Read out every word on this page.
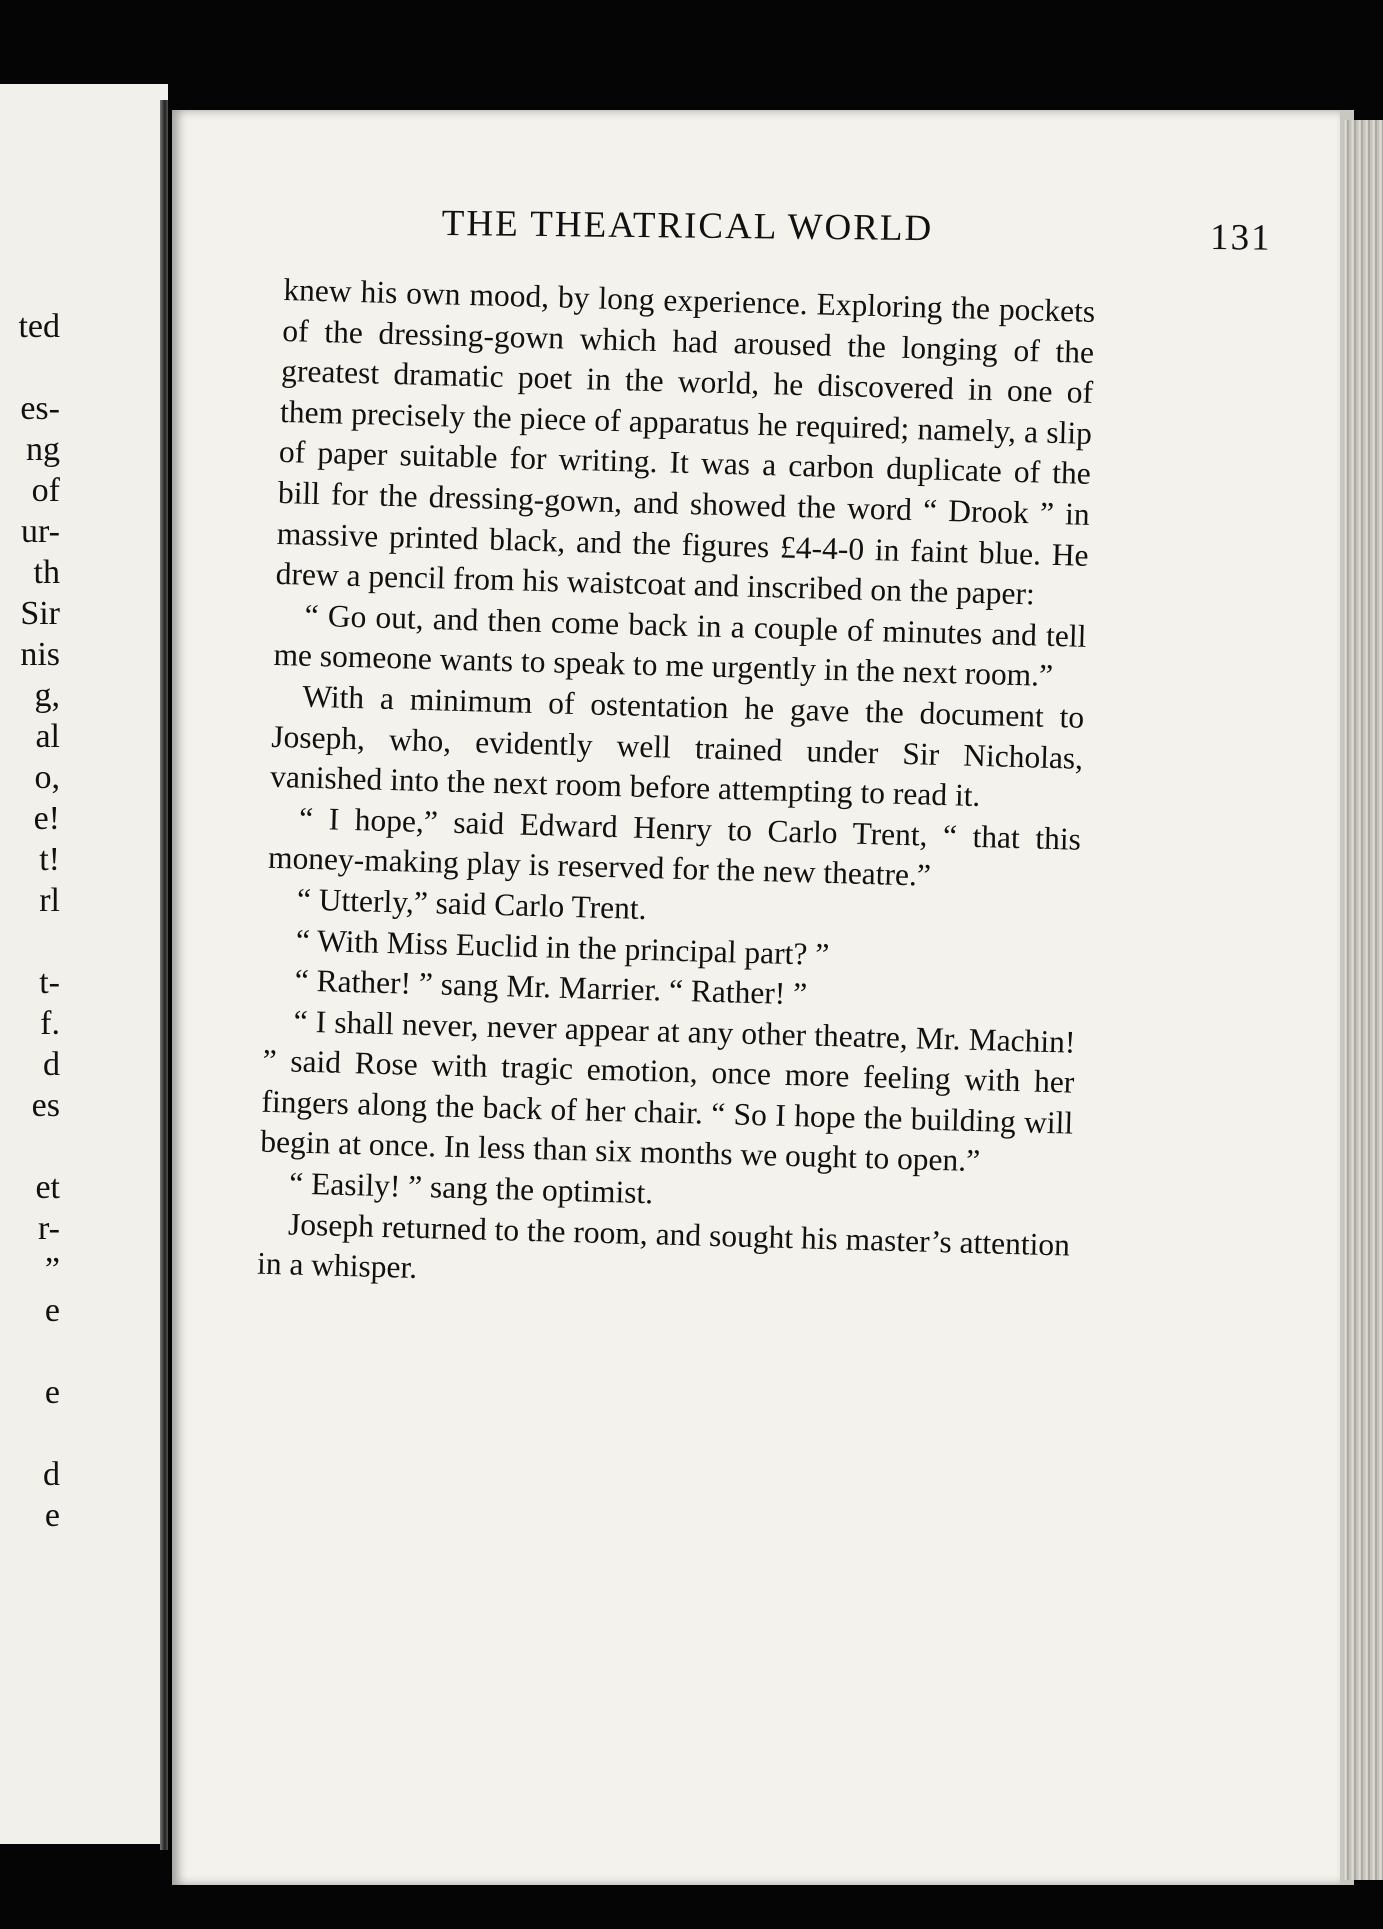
ted
es-
ng
of
ur-
th
Sir
nis
g,
al
o,
e!
t!
rl
t-
f.
d
es
et
r-
”
e
e
d
e
THE THEATRICAL WORLD	131

knew his own mood, by long experience. Exploring the pockets of the dressing-gown which had aroused the longing of the greatest dramatic poet in the world, he discovered in one of them precisely the piece of apparatus he required; namely, a slip of paper suitable for writing. It was a carbon duplicate of the bill for the dressing-gown, and showed the word “ Drook ” in massive printed black, and the figures £4-4-0 in faint blue. He drew a pencil from his waistcoat and inscribed on the paper:

“ Go out, and then come back in a couple of minutes and tell me someone wants to speak to me urgently in the next room.”

With a minimum of ostentation he gave the document to Joseph, who, evidently well trained under Sir Nicholas, vanished into the next room before attempting to read it.

“ I hope,” said Edward Henry to Carlo Trent, “ that this money-making play is reserved for the new theatre.”

“ Utterly,” said Carlo Trent.

“ With Miss Euclid in the principal part? ”

“ Rather! ” sang Mr. Marrier. “ Rather! ”

“ I shall never, never appear at any other theatre, Mr. Machin! ” said Rose with tragic emotion, once more feeling with her fingers along the back of her chair. “ So I hope the building will begin at once. In less than six months we ought to open.”

“ Easily! ” sang the optimist.

Joseph returned to the room, and sought his master’s attention in a whisper.
